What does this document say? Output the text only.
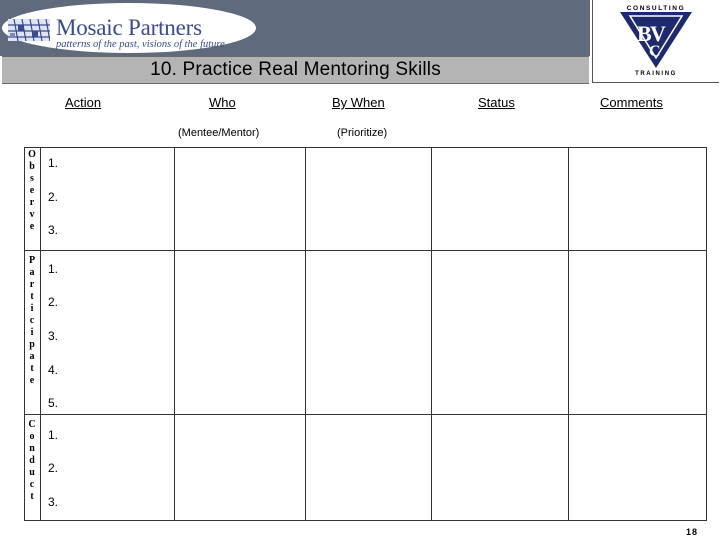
Mosaic Partners
patterns of the past, visions of the future
10. Practice Real Mentoring Skills
CONSULTING
B
V
C
TRAINING
Action	Who
(Mentee/Mentor)
By When
(Prioritize)
Status	Comments
O
b
s
e
r
v
e
1.
2.
3.
P
a
r
t
i
c
i
p
a
t
e
1.
2.
3.
4.
5.
C
o
n
d
u
c
t
1.
2.
3.
18
